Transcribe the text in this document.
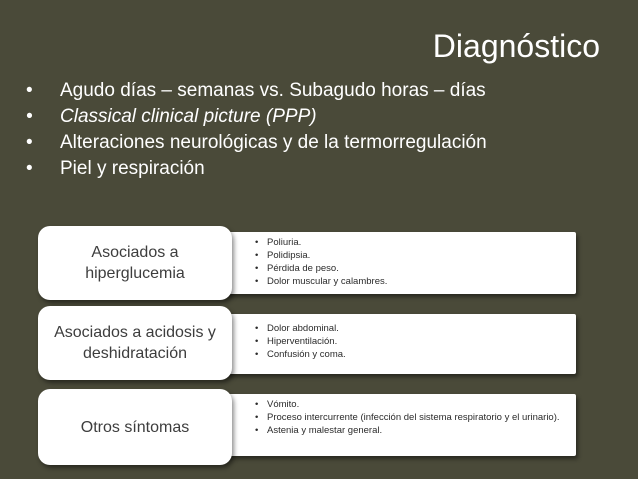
Diagnóstico
• Agudo días – semanas vs. Subagudo horas – días
• Classical clinical picture (PPP)
• Alteraciones neurológicas y de la termorregulación
• Piel y respiración
• Poliuria.
• Polidipsia.
• Pérdida de peso.
• Dolor muscular y calambres.
Asociados a hiperglucemia
• Dolor abdominal.
• Hiperventilación.
• Confusión y coma.
Asociados a acidosis y deshidratación
• Vómito.
• Proceso intercurrente (infección del sistema respiratorio y el urinario).
• Astenia y malestar general.
Otros síntomas
